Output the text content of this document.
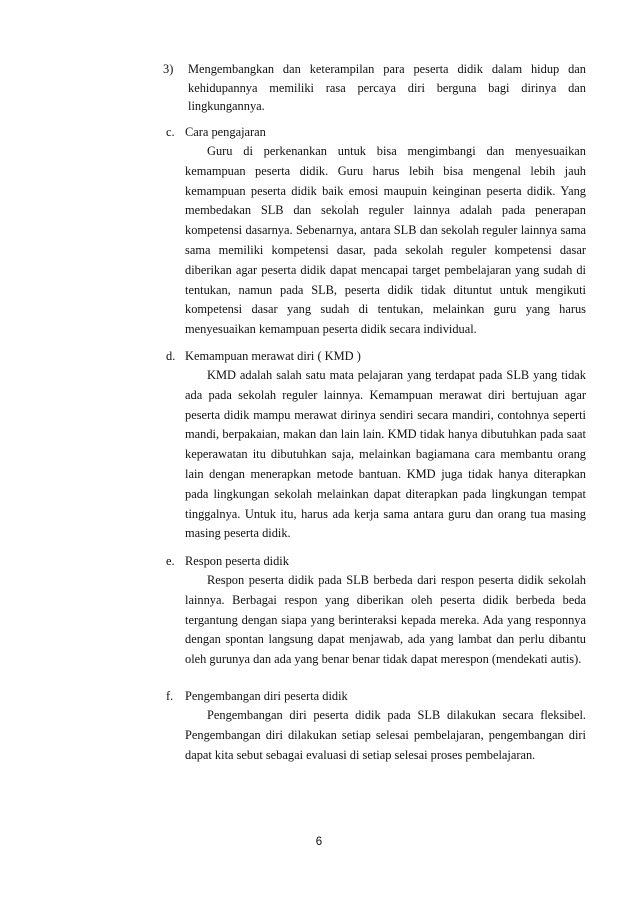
3) Mengembangkan dan keterampilan para peserta didik dalam hidup dan kehidupannya memiliki rasa percaya diri berguna bagi dirinya dan lingkungannya.
c. Cara pengajaran
Guru di perkenankan untuk bisa mengimbangi dan menyesuaikan kemampuan peserta didik. Guru harus lebih bisa mengenal lebih jauh kemampuan peserta didik baik emosi maupuin keinginan peserta didik. Yang membedakan SLB dan sekolah reguler lainnya adalah pada penerapan kompetensi dasarnya. Sebenarnya, antara SLB dan sekolah reguler lainnya sama sama memiliki kompetensi dasar, pada sekolah reguler kompetensi dasar diberikan agar peserta didik dapat mencapai target pembelajaran yang sudah di tentukan, namun pada SLB, peserta didik tidak dituntut untuk mengikuti kompetensi dasar yang sudah di tentukan, melainkan guru yang harus menyesuaikan kemampuan peserta didik secara individual.
d. Kemampuan merawat diri ( KMD )
KMD adalah salah satu mata pelajaran yang terdapat pada SLB yang tidak ada pada sekolah reguler lainnya. Kemampuan merawat diri bertujuan agar peserta didik mampu merawat dirinya sendiri secara mandiri, contohnya seperti mandi, berpakaian, makan dan lain lain. KMD tidak hanya dibutuhkan pada saat keperawatan itu dibutuhkan saja, melainkan bagiamana cara membantu orang lain dengan menerapkan metode bantuan. KMD juga tidak hanya diterapkan pada lingkungan sekolah melainkan dapat diterapkan pada lingkungan tempat tinggalnya. Untuk itu, harus ada kerja sama antara guru dan orang tua masing masing peserta didik.
e. Respon peserta didik
Respon peserta didik pada SLB berbeda dari respon peserta didik sekolah lainnya. Berbagai respon yang diberikan oleh peserta didik berbeda beda tergantung dengan siapa yang berinteraksi kepada mereka. Ada yang responnya dengan spontan langsung dapat menjawab, ada yang lambat dan perlu dibantu oleh gurunya dan ada yang benar benar tidak dapat merespon (mendekati autis).
f. Pengembangan diri peserta didik
Pengembangan diri peserta didik pada SLB dilakukan secara fleksibel. Pengembangan diri dilakukan setiap selesai pembelajaran, pengembangan diri dapat kita sebut sebagai evaluasi di setiap selesai proses pembelajaran.
6
